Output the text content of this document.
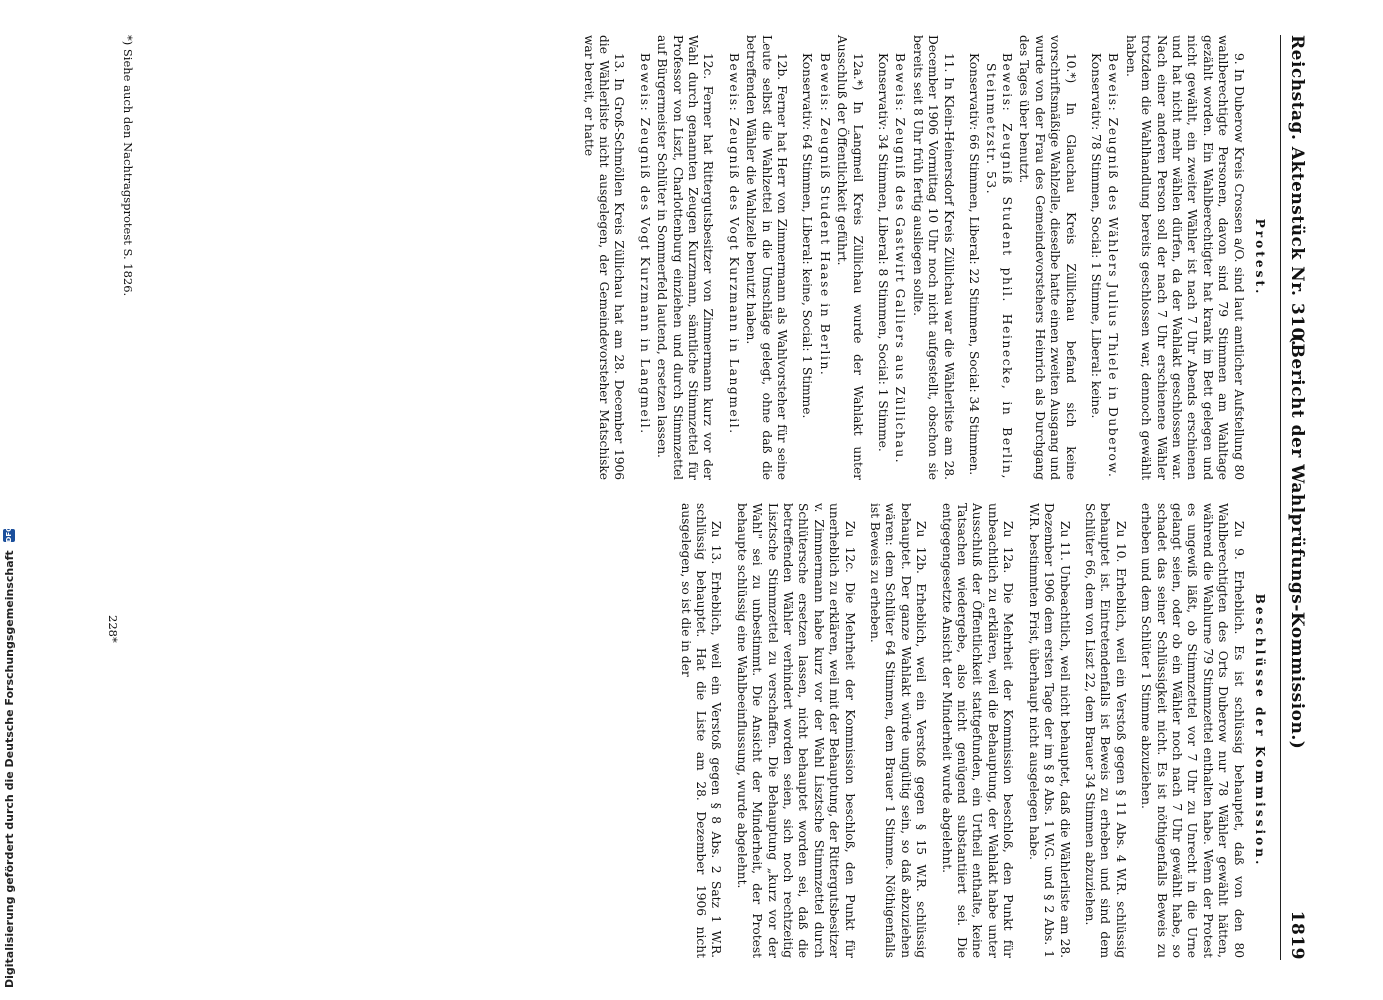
Reichstag. Aktenstück Nr. 310.
(Bericht der Wahlprüfungs-Kommission.)
1819

Protest.

9. In Duberow Kreis Crossen a/O. sind laut amtlicher Aufstellung 80 wahlberechtigte Personen, davon sind 79 Stimmen am Wahltage gezählt worden. Ein Wahlberechtigter hat krank im Bett gelegen und nicht gewählt, ein zweiter Wähler ist nach 7 Uhr Abends erschienen und hat nicht mehr wählen dürfen, da der Wahlakt geschlossen war. Nach einer anderen Person soll der nach 7 Uhr erschienene Wähler trotzdem die Wahlhandlung bereits geschlossen war, dennoch gewählt haben.

Beweis: Zeugniß des Wählers Julius Thiele in Duberow.

Konservativ: 78 Stimmen, Social: 1 Stimme, Liberal: keine.

10.*) In Glauchau Kreis Züllichau befand sich keine vorschriftsmäßige Wahlzelle, dieselbe hatte einen zweiten Ausgang und wurde von der Frau des Gemeindevorstehers Heinrich als Durchgang des Tages über benutzt.

Beweis: Zeugniß Student phil. Heinecke, in Berlin, Steinmetzstr. 53.

Konservativ: 66 Stimmen, Liberal: 22 Stimmen, Social: 34 Stimmen.

11. In Klein-Heinersdorf Kreis Züllichau war die Wählerliste am 28. December 1906 Vormittag 10 Uhr noch nicht aufgestellt, obschon sie bereits seit 8 Uhr früh fertig ausliegen sollte.

Beweis: Zeugniß des Gastwirt Galliers aus Züllichau.

Konservativ: 34 Stimmen, Liberal: 8 Stimmen, Social: 1 Stimme.

12a.*) In Langmeil Kreis Züllichau wurde der Wahlakt unter Ausschluß der Öffentlichkeit geführt.

Beweis: Zeugniß Student Haase in Berlin.

Konservativ: 64 Stimmen, Liberal: keine, Social: 1 Stimme.

12b. Ferner hat Herr von Zimmermann als Wahlvorsteher für seine Leute selbst die Wahlzettel in die Umschläge gelegt, ohne daß die betreffenden Wähler die Wahlzelle benutzt haben.

Beweis: Zeugniß des Vogt Kurzmann in Langmeil.

12c. Ferner hat Rittergutsbesitzer von Zimmermann kurz vor der Wahl durch genannten Zeugen Kurzmann, sämtliche Stimmzettel für Professor von Liszt, Charlottenburg einziehen und durch Stimmzettel auf Bürgermeister Schlüter in Sommerfeld lautend, ersetzen lassen.

Beweis: Zeugniß des Vogt Kurzmann in Langmeil.

13. In Groß-Schmöllen Kreis Züllichau hat am 28. December 1906 die Wählerliste nicht ausgelegen, der Gemeindevorsteher Matschiske war bereit, er hatte

Beschlüsse der Kommission.

Zu 9. Erheblich. Es ist schlüssig behauptet, daß von den 80 Wahlberechtigten des Orts Duberow nur 78 Wähler gewählt hätten, während die Wahlurne 79 Stimmzettel enthalten habe. Wenn der Protest es ungewiß läßt, ob Stimmzettel vor 7 Uhr zu Unrecht in die Urne gelangt seien, oder ob ein Wähler noch nach 7 Uhr gewählt habe, so schadet das seiner Schlüssigkeit nicht. Es ist nöthigenfalls Beweis zu erheben und dem Schlüter 1 Stimme abzuziehen.

Zu 10. Erheblich, weil ein Verstoß gegen § 11 Abs. 4 W.R. schlüssig behauptet ist. Eintretendenfalls ist Beweis zu erheben und sind dem Schlüter 66, dem von Liszt 22, dem Brauer 34 Stimmen abzuziehen.

Zu 11. Unbeachtlich, weil nicht behauptet, daß die Wählerliste am 28. Dezember 1906 dem ersten Tage der im § 8 Abs. 1 W.G. und § 2 Abs. 1 W.R. bestimmten Frist, überhaupt nicht ausgelegen habe.

Zu 12a. Die Mehrheit der Kommission beschloß, den Punkt für unbeachtlich zu erklären, weil die Behauptung, der Wahlakt habe unter Ausschluß der Öffentlichkeit stattgefunden, ein Urtheil enthalte, keine Tatsachen wiedergebe, also nicht genügend substantiiert sei. Die entgegengesetzte Ansicht der Minderheit wurde abgelehnt.

Zu 12b. Erheblich, weil ein Verstoß gegen § 15 W.R. schlüssig behauptet. Der ganze Wahlakt würde ungültig sein, so daß abzuziehen wären: dem Schlüter 64 Stimmen, dem Brauer 1 Stimme. Nöthigenfalls ist Beweis zu erheben.

Zu 12c. Die Mehrheit der Kommission beschloß, den Punkt für unerheblich zu erklären, weil mit der Behauptung, der Rittergutsbesitzer v. Zimmermann habe kurz vor der Wahl Lisztsche Stimmzettel durch Schlütersche ersetzen lassen, nicht behauptet worden sei, daß die betreffenden Wähler verhindert worden seien, sich noch rechtzeitig Lisztsche Stimmzettel zu verschaffen. Die Behauptung „kurz vor der Wahl" sei zu unbestimmt. Die Ansicht der Minderheit, der Protest behaupte schlüssig eine Wahlbeeinflussung, wurde abgelehnt.

Zu 13. Erheblich, weil ein Verstoß gegen § 8 Abs. 2 Satz 1 W.R. schlüssig behauptet. Hat die Liste am 28. Dezember 1906 nicht ausgelegen, so ist die in der

*) Siehe auch den Nachtragsprotest S. 1826.
228*
Digitalisierung gefördert durch die Deutsche Forschungsgemeinschaft DFG
